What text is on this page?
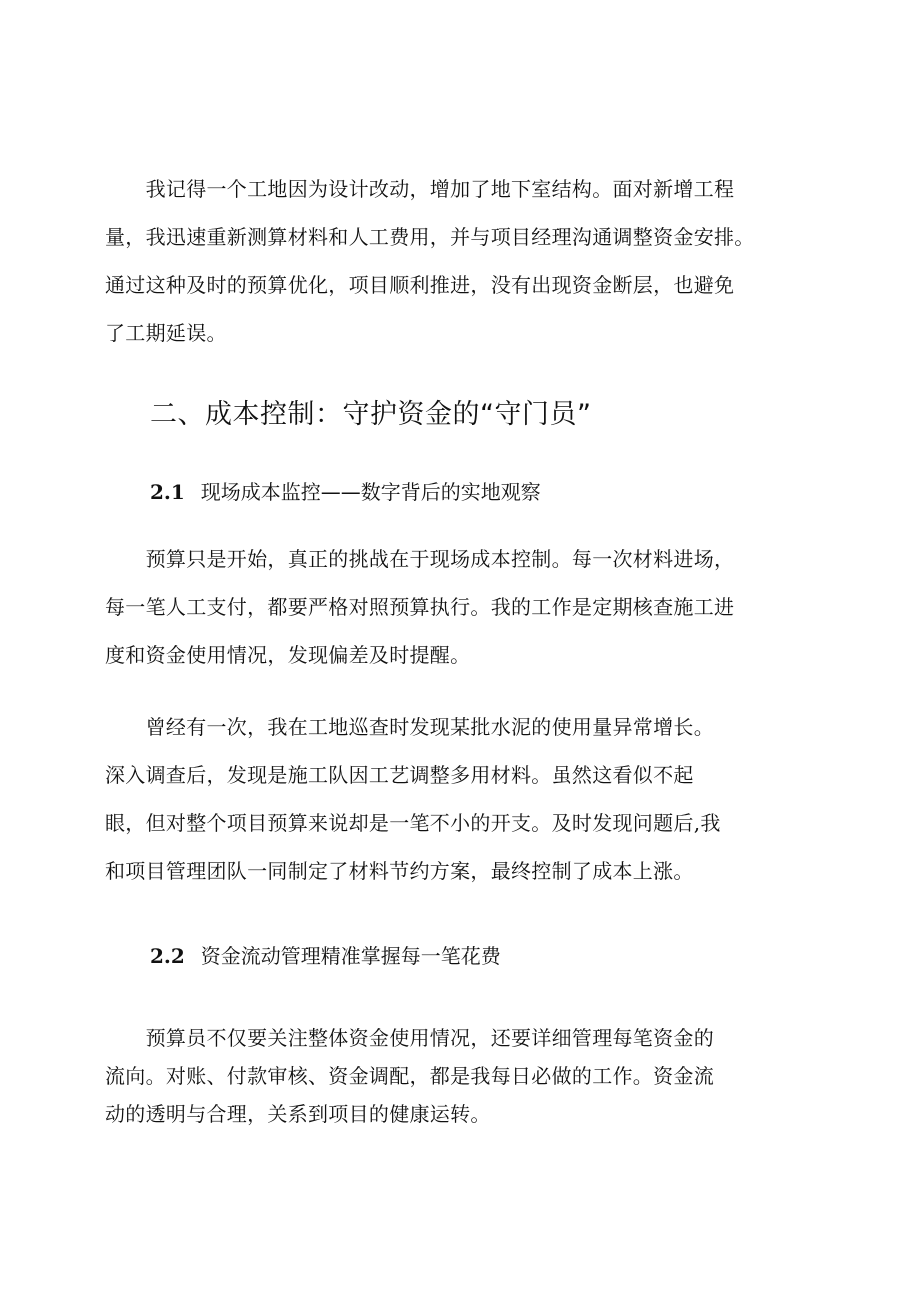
　　我记得一个工地因为设计改动，增加了地下室结构。面对新增工程
量，我迅速重新测算材料和人工费用，并与项目经理沟通调整资金安排。
通过这种及时的预算优化，项目顺利推进，没有出现资金断层，也避免
了工期延误。
二、成本控制：守护资金的“守门员”
2.1 现场成本监控——数字背后的实地观察
　　预算只是开始，真正的挑战在于现场成本控制。每一次材料进场，
每一笔人工支付，都要严格对照预算执行。我的工作是定期核查施工进
度和资金使用情况，发现偏差及时提醒。
　　曾经有一次，我在工地巡查时发现某批水泥的使用量异常增长。
深入调查后，发现是施工队因工艺调整多用材料。虽然这看似不起
眼，但对整个项目预算来说却是一笔不小的开支。及时发现问题后,我
和项目管理团队一同制定了材料节约方案，最终控制了成本上涨。
2.2 资金流动管理精准掌握每一笔花费
　　预算员不仅要关注整体资金使用情况，还要详细管理每笔资金的
流向。对账、付款审核、资金调配，都是我每日必做的工作。资金流
动的透明与合理，关系到项目的健康运转。
